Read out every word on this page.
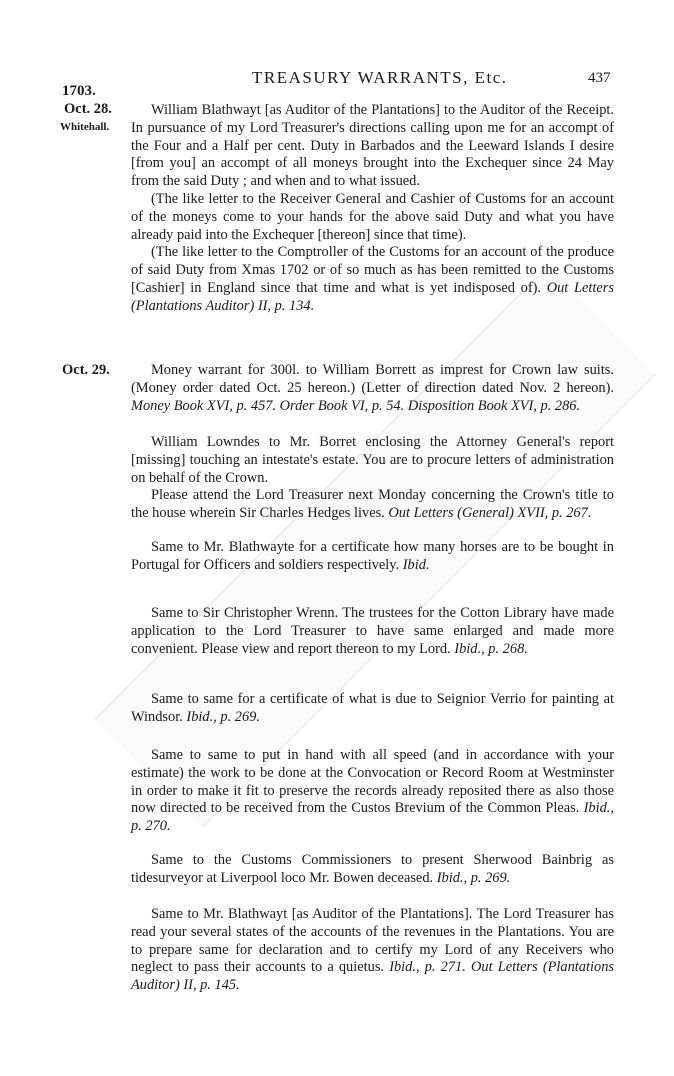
TREASURY WARRANTS, Etc.	437
1703.
Oct. 28.
Whitehall.

William Blathwayt [as Auditor of the Plantations] to the Auditor of the Receipt. In pursuance of my Lord Treasurer's directions calling upon me for an accompt of the Four and a Half per cent. Duty in Barbados and the Leeward Islands I desire [from you] an accompt of all moneys brought into the Exchequer since 24 May from the said Duty ; and when and to what issued.

(The like letter to the Receiver General and Cashier of Customs for an account of the moneys come to your hands for the above said Duty and what you have already paid into the Exchequer [thereon] since that time).

(The like letter to the Comptroller of the Customs for an account of the produce of said Duty from Xmas 1702 or of so much as has been remitted to the Customs [Cashier] in England since that time and what is yet indisposed of). Out Letters (Plantations Auditor) II, p. 134.

Oct. 29.	Money warrant for 300l. to William Borrett as imprest for Crown law suits. (Money order dated Oct. 25 hereon.) (Letter of direction dated Nov. 2 hereon). Money Book XVI, p. 457. Order Book VI, p. 54. Disposition Book XVI, p. 286.

William Lowndes to Mr. Borret enclosing the Attorney General's report [missing] touching an intestate's estate. You are to procure letters of administration on behalf of the Crown.

Please attend the Lord Treasurer next Monday concerning the Crown's title to the house wherein Sir Charles Hedges lives. Out Letters (General) XVII, p. 267.

Same to Mr. Blathwayte for a certificate how many horses are to be bought in Portugal for Officers and soldiers respectively. Ibid.

Same to Sir Christopher Wrenn. The trustees for the Cotton Library have made application to the Lord Treasurer to have same enlarged and made more convenient. Please view and report thereon to my Lord. Ibid., p. 268.

Same to same for a certificate of what is due to Seignior Verrio for painting at Windsor. Ibid., p. 269.

Same to same to put in hand with all speed (and in accordance with your estimate) the work to be done at the Convocation or Record Room at Westminster in order to make it fit to preserve the records already reposited there as also those now directed to be received from the Custos Brevium of the Common Pleas. Ibid., p. 270.

Same to the Customs Commissioners to present Sherwood Bainbrig as tidesurveyor at Liverpool loco Mr. Bowen deceased. Ibid., p. 269.

Same to Mr. Blathwayt [as Auditor of the Plantations]. The Lord Treasurer has read your several states of the accounts of the revenues in the Plantations. You are to prepare same for declaration and to certify my Lord of any Receivers who neglect to pass their accounts to a quietus. Ibid., p. 271. Out Letters (Plantations Auditor) II, p. 145.
